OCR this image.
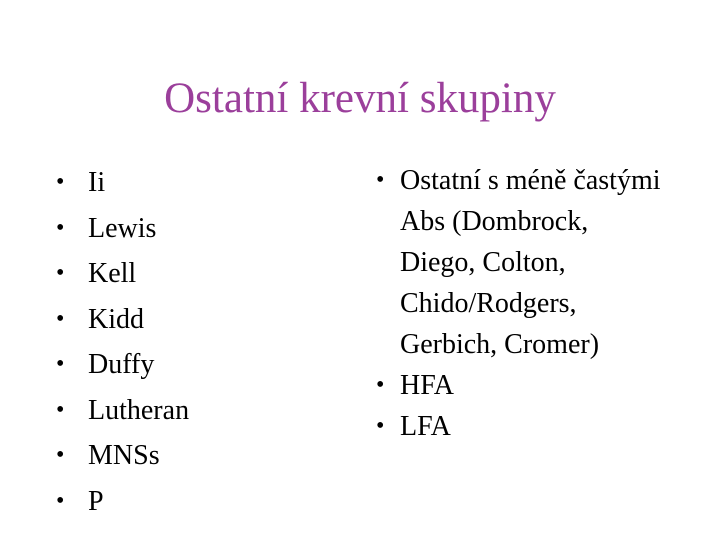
Ostatní krevní skupiny
• Ii
• Lewis
• Kell
• Kidd
• Duffy
• Lutheran
• MNSs
• P
• Ostatní s méně častými Abs (Dombrock, Diego, Colton, Chido/Rodgers, Gerbich, Cromer)
• HFA
• LFA
